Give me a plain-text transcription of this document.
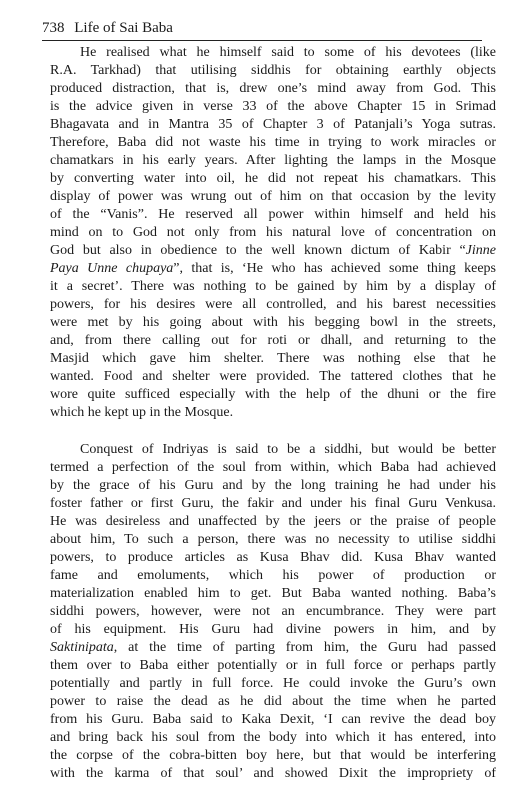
738 Life of Sai Baba
He realised what he himself said to some of his devotees (like
R.A. Tarkhad) that utilising siddhis for obtaining earthly objects
produced distraction, that is, drew one’s mind away from God. This
is the advice given in verse 33 of the above Chapter 15 in Srimad
Bhagavata and in Mantra 35 of Chapter 3 of Patanjali’s Yoga sutras.
Therefore, Baba did not waste his time in trying to work miracles or
chamatkars in his early years. After lighting the lamps in the Mosque
by converting water into oil, he did not repeat his chamatkars. This
display of power was wrung out of him on that occasion by the levity
of the “Vanis”. He reserved all power within himself and held his
mind on to God not only from his natural love of concentration on
God but also in obedience to the well known dictum of Kabir “Jinne
Paya Unne chupaya”, that is, ‘He who has achieved some thing keeps
it a secret’. There was nothing to be gained by him by a display of
powers, for his desires were all controlled, and his barest necessities
were met by his going about with his begging bowl in the streets,
and, from there calling out for roti or dhall, and returning to the
Masjid which gave him shelter. There was nothing else that he
wanted. Food and shelter were provided. The tattered clothes that he
wore quite sufficed especially with the help of the dhuni or the fire
which he kept up in the Mosque.
Conquest of Indriyas is said to be a siddhi, but would be better
termed a perfection of the soul from within, which Baba had achieved
by the grace of his Guru and by the long training he had under his
foster father or first Guru, the fakir and under his final Guru Venkusa.
He was desireless and unaffected by the jeers or the praise of people
about him, To such a person, there was no necessity to utilise siddhi
powers, to produce articles as Kusa Bhav did. Kusa Bhav wanted
fame and emoluments, which his power of production or
materialization enabled him to get. But Baba wanted nothing. Baba’s
siddhi powers, however, were not an encumbrance. They were part
of his equipment. His Guru had divine powers in him, and by
Saktinipata, at the time of parting from him, the Guru had passed
them over to Baba either potentially or in full force or perhaps partly
potentially and partly in full force. He could invoke the Guru’s own
power to raise the dead as he did about the time when he parted
from his Guru. Baba said to Kaka Dexit, ‘I can revive the dead boy
and bring back his soul from the body into which it has entered, into
the corpse of the cobra-bitten boy here, but that would be interfering
with the karma of that soul’ and showed Dixit the impropriety of
